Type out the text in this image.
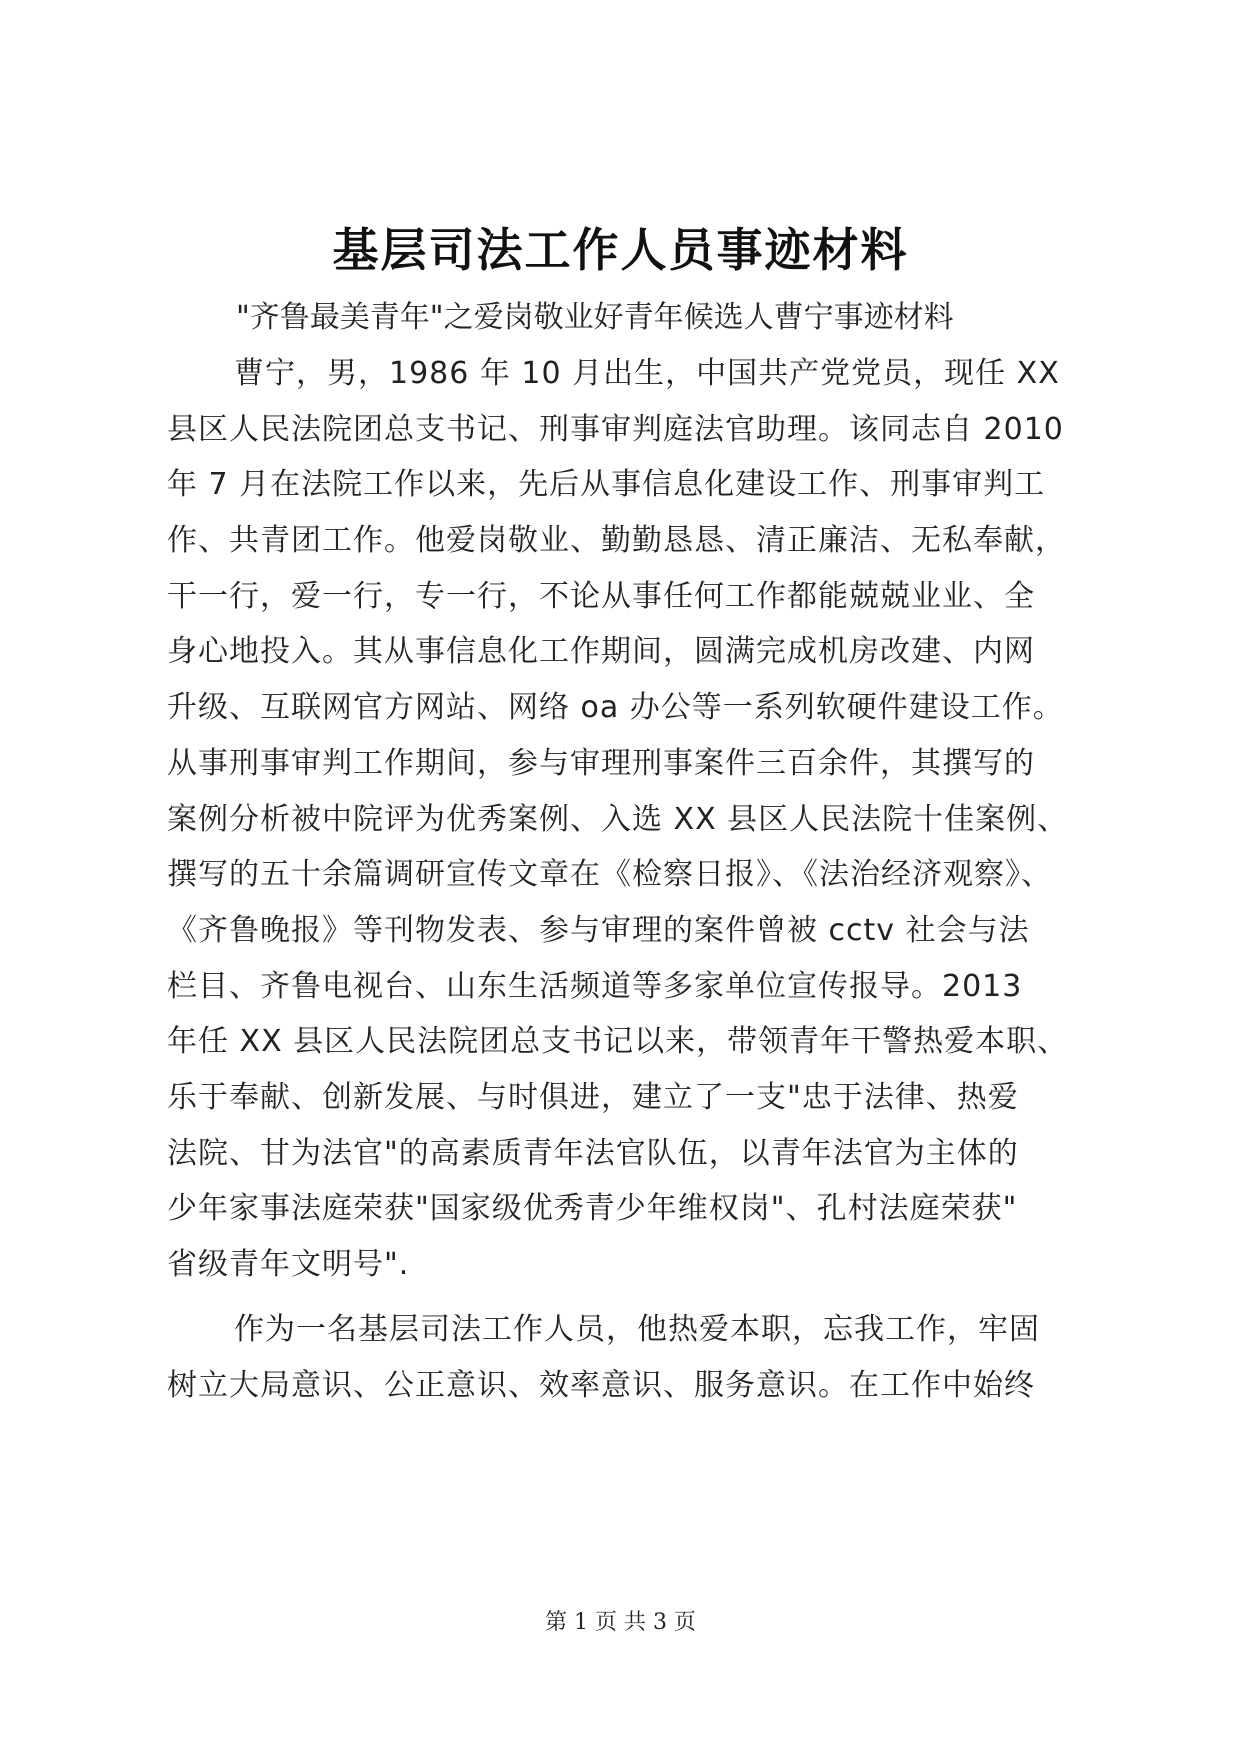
基层司法工作人员事迹材料
"齐鲁最美青年"之爱岗敬业好青年候选人曹宁事迹材料
曹宁，男，1986 年 10 月出生，中国共产党党员，现任 XX
县区人民法院团总支书记、刑事审判庭法官助理。该同志自 2010
年 7 月在法院工作以来，先后从事信息化建设工作、刑事审判工
作、共青团工作。他爱岗敬业、勤勤恳恳、清正廉洁、无私奉献，
干一行，爱一行，专一行，不论从事任何工作都能兢兢业业、全
身心地投入。其从事信息化工作期间，圆满完成机房改建、内网
升级、互联网官方网站、网络 oa 办公等一系列软硬件建设工作。
从事刑事审判工作期间，参与审理刑事案件三百余件，其撰写的
案例分析被中院评为优秀案例、入选 XX 县区人民法院十佳案例、
撰写的五十余篇调研宣传文章在《检察日报》、《法治经济观察》、
《齐鲁晚报》等刊物发表、参与审理的案件曾被 cctv 社会与法
栏目、齐鲁电视台、山东生活频道等多家单位宣传报导。2013
年任 XX 县区人民法院团总支书记以来，带领青年干警热爱本职、
乐于奉献、创新发展、与时俱进，建立了一支"忠于法律、热爱
法院、甘为法官"的高素质青年法官队伍，以青年法官为主体的
少年家事法庭荣获"国家级优秀青少年维权岗"、孔村法庭荣获"
省级青年文明号".
作为一名基层司法工作人员，他热爱本职，忘我工作，牢固
树立大局意识、公正意识、效率意识、服务意识。在工作中始终
第 1 页 共 3 页
